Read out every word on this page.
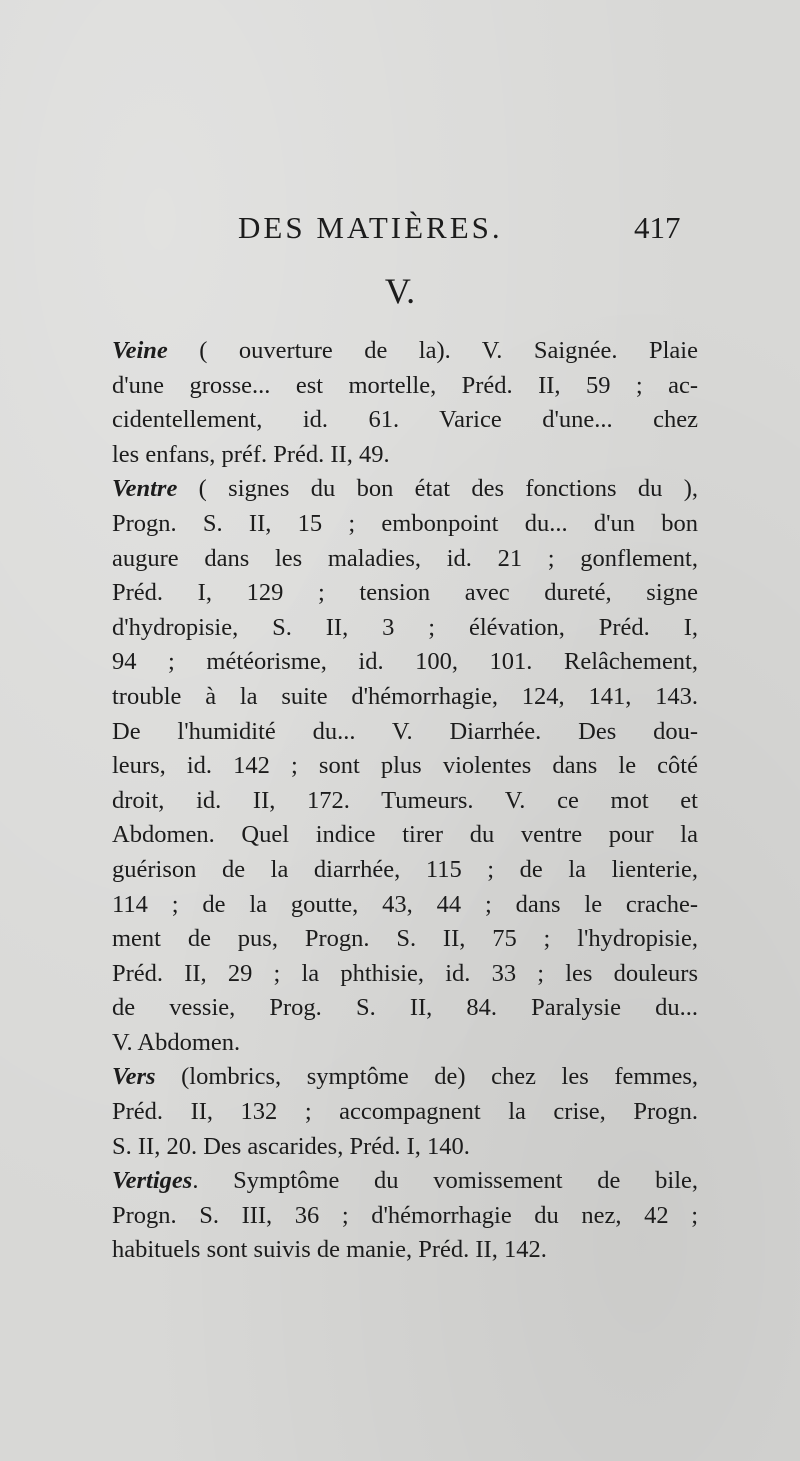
DES MATIÈRES.	417
V.

Veine ( ouverture de la). V. Saignée. Plaie
d'une grosse... est mortelle, Préd. II, 59 ; ac-
cidentellement, id. 61. Varice d'une... chez
les enfans, préf. Préd. II, 49.

Ventre ( signes du bon état des fonctions du ),
Progn. S. II, 15 ; embonpoint du... d'un bon
augure dans les maladies, id. 21 ; gonflement,
Préd. I, 129 ; tension avec dureté, signe
d'hydropisie, S. II, 3 ; élévation, Préd. I,
94 ; météorisme, id. 100, 101. Relâchement,
trouble à la suite d'hémorrhagie, 124, 141, 143.
De l'humidité du... V. Diarrhée. Des dou-
leurs, id. 142 ; sont plus violentes dans le côté
droit, id. II, 172. Tumeurs. V. ce mot et
Abdomen. Quel indice tirer du ventre pour la
guérison de la diarrhée, 115 ; de la lienterie,
114 ; de la goutte, 43, 44 ; dans le crache-
ment de pus, Progn. S. II, 75 ; l'hydropisie,
Préd. II, 29 ; la phthisie, id. 33 ; les douleurs
de vessie, Prog. S. II, 84. Paralysie du...
V. Abdomen.

Vers (lombrics, symptôme de) chez les femmes,
Préd. II, 132 ; accompagnent la crise, Progn.
S. II, 20. Des ascarides, Préd. I, 140.

Vertiges. Symptôme du vomissement de bile,
Progn. S. III, 36 ; d'hémorrhagie du nez, 42 ;
habituels sont suivis de manie, Préd. II, 142.
